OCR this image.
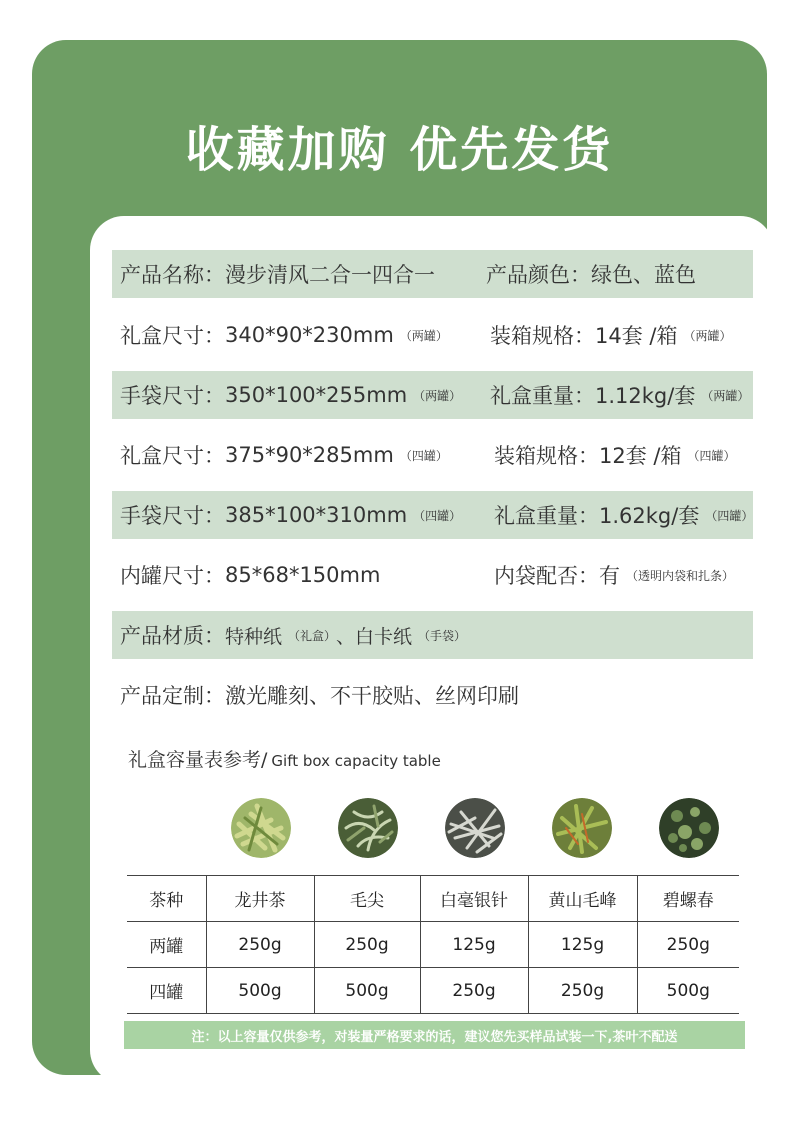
收藏加购 优先发货
产品名称： 漫步清风二合一四合一 产品颜色： 绿色、蓝色
礼盒尺寸： 340*90*230mm （两罐） 装箱规格： 14套 /箱 （两罐）
手袋尺寸： 350*100*255mm （两罐） 礼盒重量： 1.12kg/套 （两罐）
礼盒尺寸： 375*90*285mm （四罐） 装箱规格： 12套 /箱 （四罐）
手袋尺寸： 385*100*310mm （四罐） 礼盒重量： 1.62kg/套 （四罐）
内罐尺寸： 85*68*150mm	内袋配否： 有 （透明内袋和扎条）
产品材质： 特种纸 （礼盒） 、白卡纸 （手袋）
产品定制： 激光雕刻、不干胶贴、丝网印刷
礼盒容量表参考/ Gift box capacity table
茶种	龙井茶	毛尖	白毫银针	黄山毛峰	碧螺春
两罐	250g	250g	125g	125g	250g
四罐	500g	500g	250g	250g	500g
注：以上容量仅供参考，对装量严格要求的话，建议您先买样品试装一下,茶叶不配送
